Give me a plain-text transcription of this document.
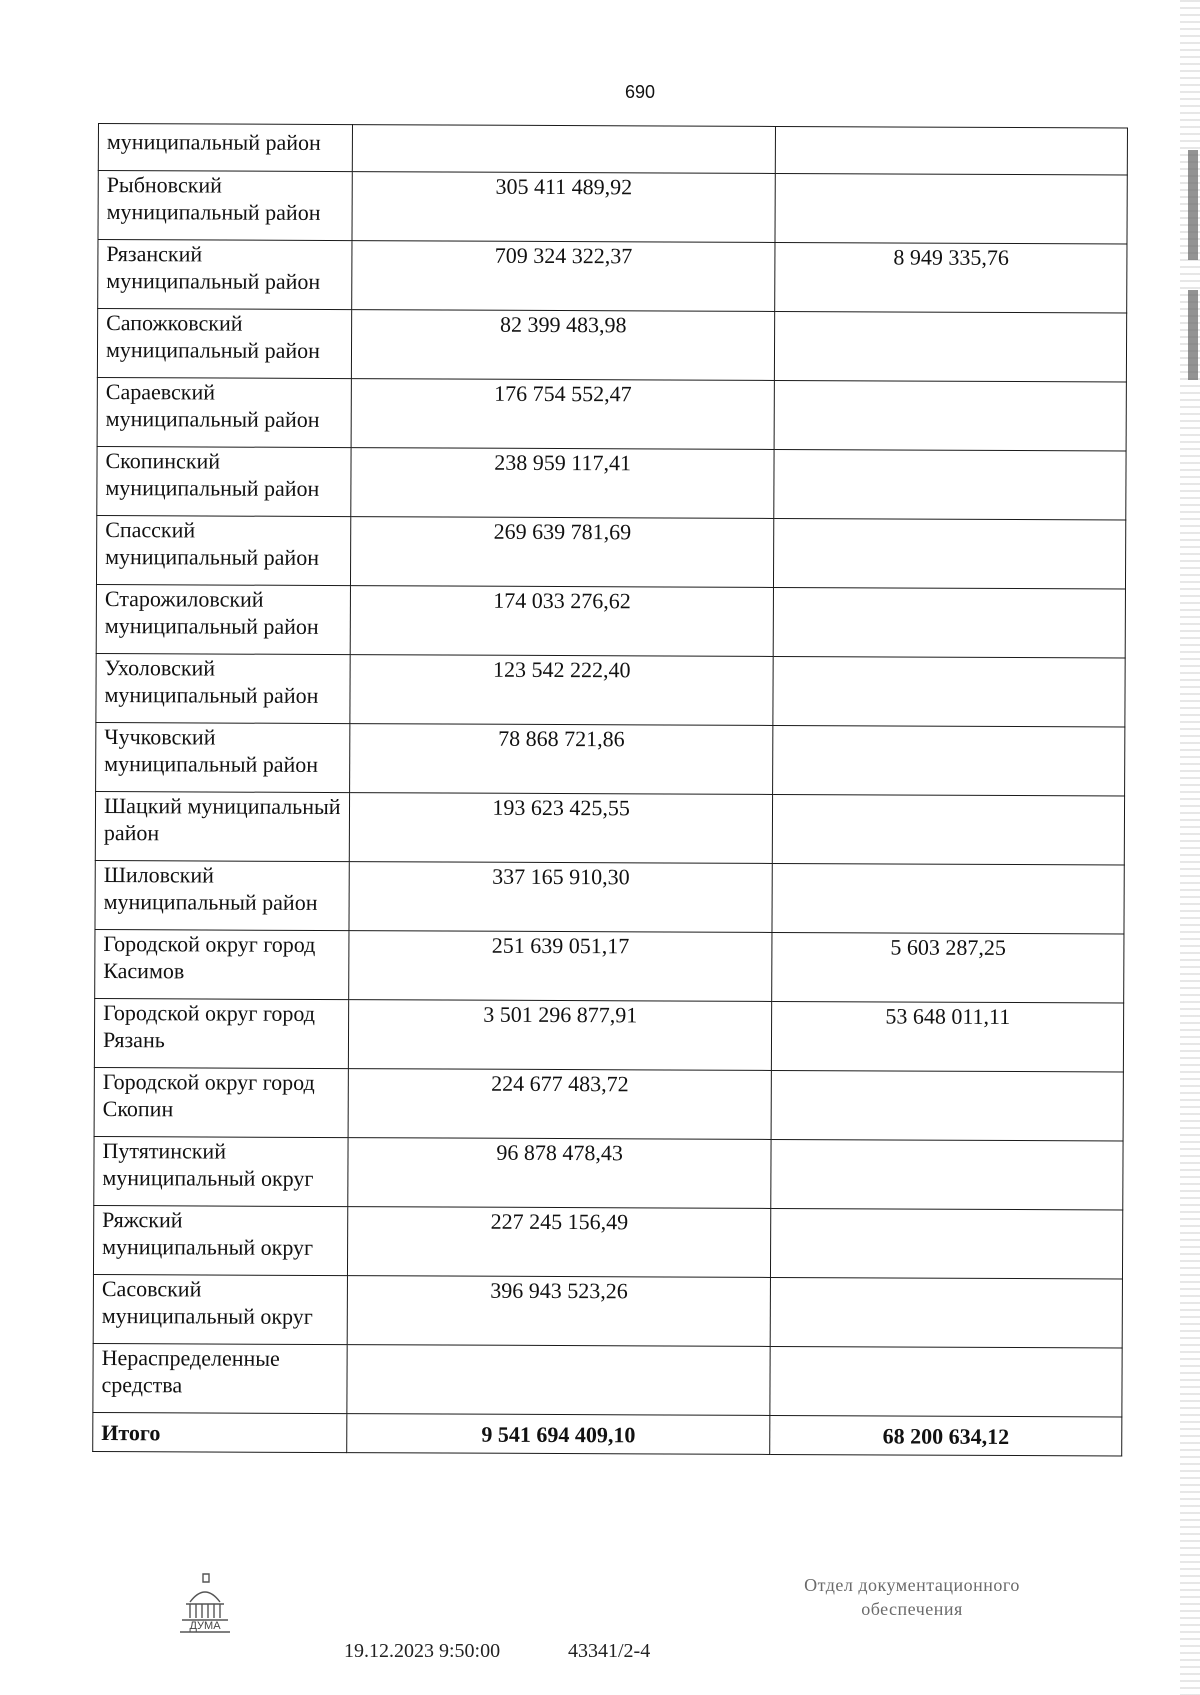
690
муниципальный район		
Рыбновский муниципальный район	305 411 489,92	
Рязанский муниципальный район	709 324 322,37	8 949 335,76
Сапожковский муниципальный район	82 399 483,98	
Сараевский муниципальный район	176 754 552,47	
Скопинский муниципальный район	238 959 117,41	
Спасский муниципальный район	269 639 781,69	
Старожиловский муниципальный район	174 033 276,62	
Ухоловский муниципальный район	123 542 222,40	
Чучковский муниципальный район	78 868 721,86	
Шацкий муниципальный район	193 623 425,55	
Шиловский муниципальный район	337 165 910,30	
Городской округ город Касимов	251 639 051,17	5 603 287,25
Городской округ город Рязань	3 501 296 877,91	53 648 011,11
Городской округ город Скопин	224 677 483,72	
Путятинский муниципальный округ	96 878 478,43	
Ряжский муниципальный округ	227 245 156,49	
Сасовский муниципальный округ	396 943 523,26	
Нераспределенные средства		
Итого	9 541 694 409,10	68 200 634,12
ДУМА
19.12.2023 9:50:00	43341/2-4
Отдел документационного
обеспечения
